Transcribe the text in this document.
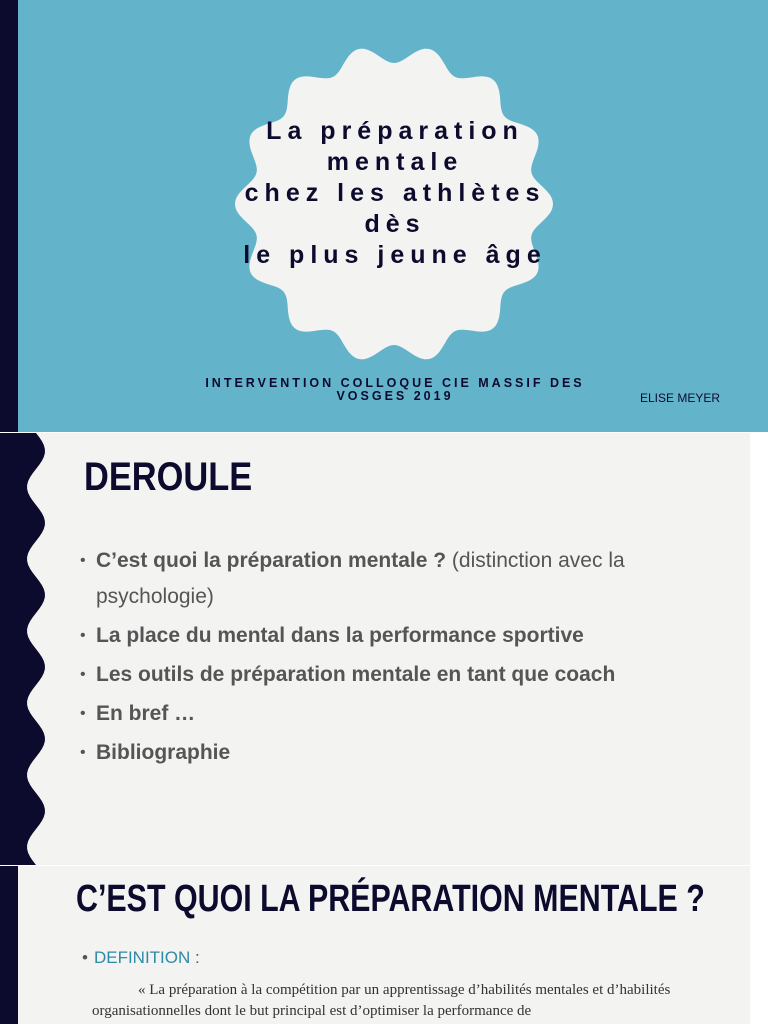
La préparation
mentale
chez les athlètes
dès
le plus jeune âge
INTERVENTION COLLOQUE CIE MASSIF DES
VOSGES 2019	ELISE MEYER
DEROULE
• C’est quoi la préparation mentale ? (distinction avec la psychologie)
• La place du mental dans la performance sportive
• Les outils de préparation mentale en tant que coach
• En bref …
• Bibliographie
C’EST QUOI LA PRÉPARATION MENTALE ?
• DEFINITION :
« La préparation à la compétition par un apprentissage d’habilités mentales et d’habilités organisationnelles dont le but principal est d’optimiser la performance de
